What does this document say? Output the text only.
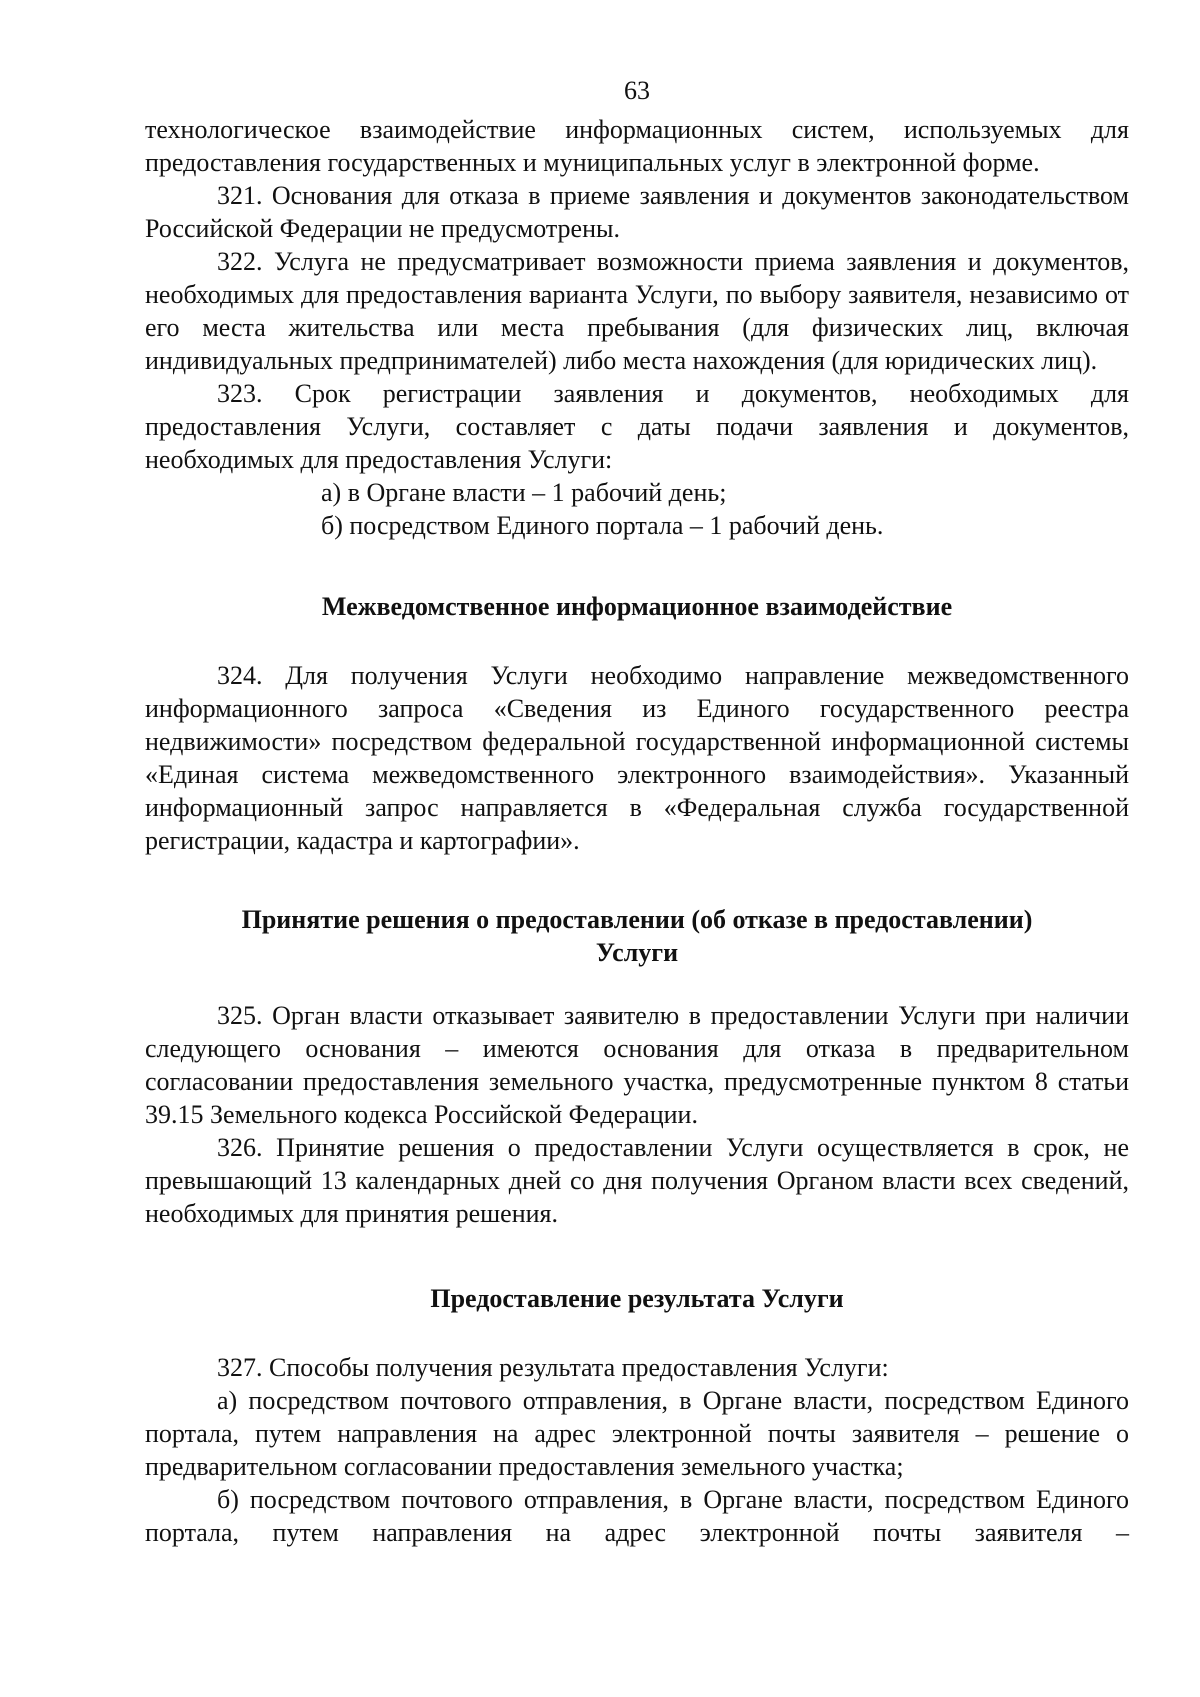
63

технологическое взаимодействие информационных систем, используемых для предоставления государственных и муниципальных услуг в электронной форме.

321. Основания для отказа в приеме заявления и документов законодательством Российской Федерации не предусмотрены.

322. Услуга не предусматривает возможности приема заявления и документов, необходимых для предоставления варианта Услуги, по выбору заявителя, независимо от его места жительства или места пребывания (для физических лиц, включая индивидуальных предпринимателей) либо места нахождения (для юридических лиц).

323. Срок регистрации заявления и документов, необходимых для предоставления Услуги, составляет с даты подачи заявления и документов, необходимых для предоставления Услуги:

а) в Органе власти – 1 рабочий день;
б) посредством Единого портала – 1 рабочий день.
Межведомственное информационное взаимодействие

324. Для получения Услуги необходимо направление межведомственного информационного запроса «Сведения из Единого государственного реестра недвижимости» посредством федеральной государственной информационной системы «Единая система межведомственного электронного взаимодействия». Указанный информационный запрос направляется в «Федеральная служба государственной регистрации, кадастра и картографии».

Принятие решения о предоставлении (об отказе в предоставлении)
Услуги

325. Орган власти отказывает заявителю в предоставлении Услуги при наличии следующего основания – имеются основания для отказа в предварительном согласовании предоставления земельного участка, предусмотренные пунктом 8 статьи 39.15 Земельного кодекса Российской Федерации.

326. Принятие решения о предоставлении Услуги осуществляется в срок, не превышающий 13 календарных дней со дня получения Органом власти всех сведений, необходимых для принятия решения.

Предоставление результата Услуги

327. Способы получения результата предоставления Услуги:

а) посредством почтового отправления, в Органе власти, посредством Единого портала, путем направления на адрес электронной почты заявителя – решение о предварительном согласовании предоставления земельного участка;

б) посредством почтового отправления, в Органе власти, посредством Единого портала, путем направления на адрес электронной почты заявителя –
